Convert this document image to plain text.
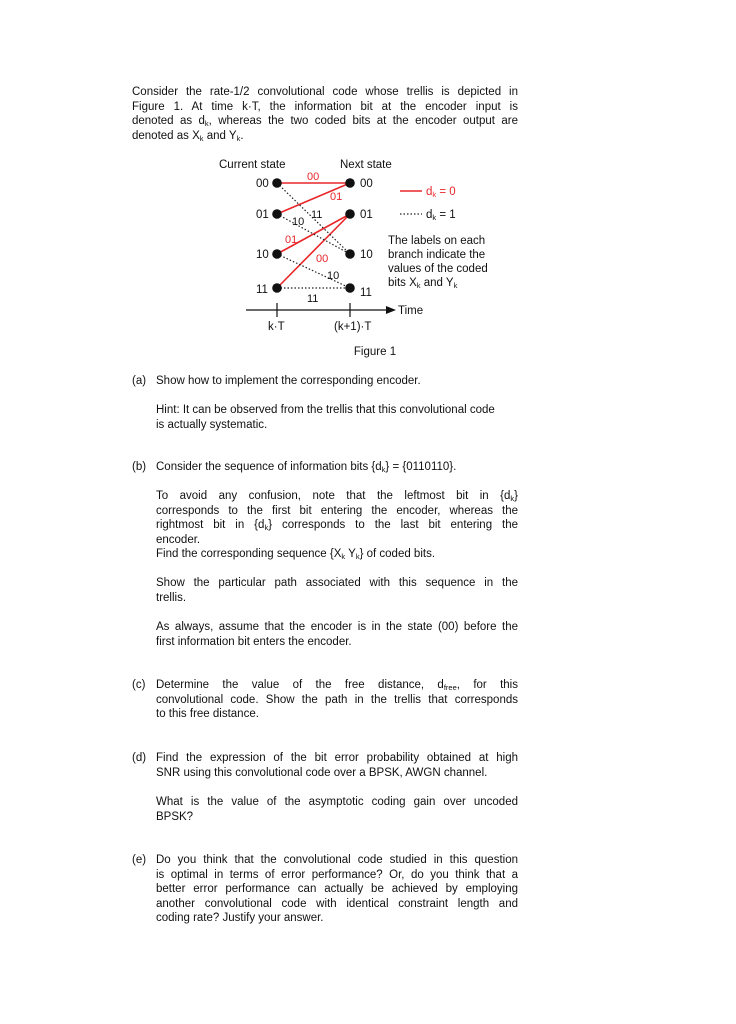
Consider the rate-1/2 convolutional code whose trellis is depicted in
Figure 1. At time k·T, the information bit at the encoder input is
denoted as $d_k$, whereas the two coded bits at the encoder output are
denoted as $X_k$ and $Y_k$.
Current state	Next state
00
01
10
11
00
01
10
11
00
01
10
11
01
00
10
11
dk = 0
dk = 1
The labels on each
branch indicate the
values of the coded
bits Xk and Yk
Time
k·T	(k+1)·T
Figure 1
(a) Show how to implement the corresponding encoder.
Hint: It can be observed from the trellis that this convolutional code
is actually systematic.
(b) Consider the sequence of information bits $\{d_k\} = \{0110110\}$.
To avoid any confusion, note that the leftmost bit in $\{d_k\}$
corresponds to the first bit entering the encoder, whereas the
rightmost bit in $\{d_k\}$ corresponds to the last bit entering the
encoder.
Find the corresponding sequence {$X_k$ $Y_k$} of coded bits.
Show the particular path associated with this sequence in the
trellis.
As always, assume that the encoder is in the state (00) before the
first information bit enters the encoder.
(c) Determine the value of the free distance, $d_{free}$, for this
convolutional code. Show the path in the trellis that corresponds
to this free distance.
(d) Find the expression of the bit error probability obtained at high
SNR using this convolutional code over a BPSK, AWGN channel.
What is the value of the asymptotic coding gain over uncoded
BPSK?
(e) Do you think that the convolutional code studied in this question
is optimal in terms of error performance? Or, do you think that a
better error performance can actually be achieved by employing
another convolutional code with identical constraint length and
coding rate? Justify your answer.
